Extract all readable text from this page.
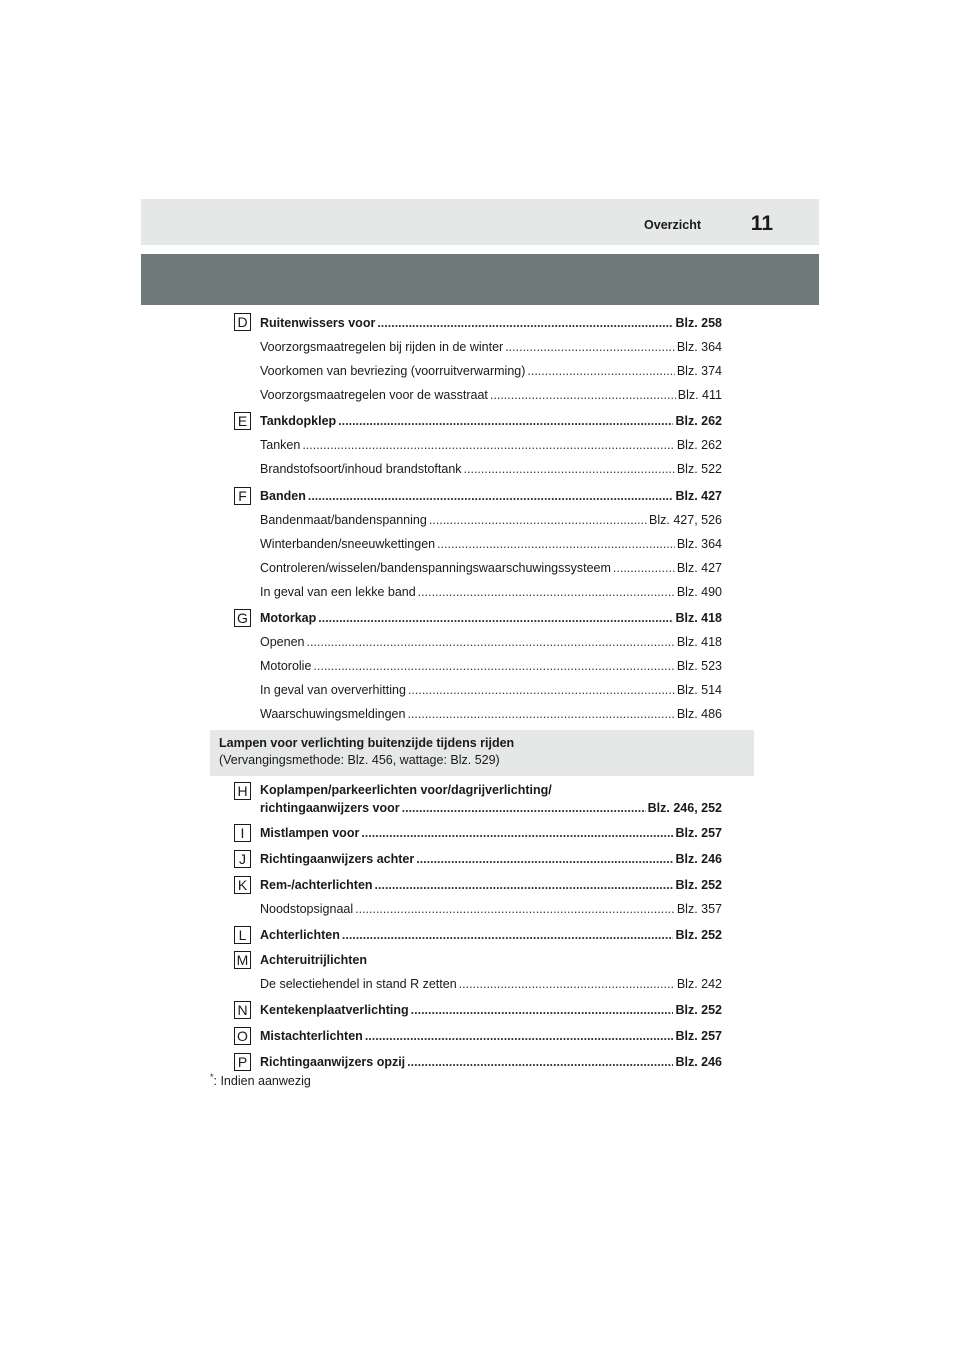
Overzicht 11
D Ruitenwissers voor .....	Blz. 258
Voorzorgsmaatregelen bij rijden in de winter .....	Blz. 364
Voorkomen van bevriezing (voorruitverwarming) .....	Blz. 374
Voorzorgsmaatregelen voor de wasstraat .....	Blz. 411
E	Tankdopklep .....	Blz. 262
Tanken .....	Blz. 262
Brandstofsoort/inhoud brandstoftank .....	Blz. 522
F	Banden .....	Blz. 427
Bandenmaat/bandenspanning .....	Blz. 427, 526
Winterbanden/sneeuwkettingen .....	Blz. 364
Controleren/wisselen/bandenspanningswaarschuwingssysteem .....	Blz. 427
In geval van een lekke band .....	Blz. 490
G Motorkap .....	Blz. 418
Openen .....	Blz. 418
Motorolie .....	Blz. 523
In geval van oververhitting .....	Blz. 514
Waarschuwingsmeldingen .....	Blz. 486
Lampen voor verlichting buitenzijde tijdens rijden
(Vervangingsmethode: Blz. 456, wattage: Blz. 529)
H Koplampen/parkeerlichten voor/dagrijverlichting/
richtingaanwijzers voor .....	Blz. 246, 252
I	Mistlampen voor .....	Blz. 257
J	Richtingaanwijzers achter .....	Blz. 246
K	Rem-/achterlichten .....	Blz. 252
Noodstopsignaal .....	Blz. 357
L	Achterlichten .....	Blz. 252
M Achteruitrijlichten
De selectiehendel in stand R zetten .....	Blz. 242
N Kentekenplaatverlichting .....	Blz. 252
O Mistachterlichten .....	Blz. 257
P	Richtingaanwijzers opzij .....	Blz. 246
*: Indien aanwezig
